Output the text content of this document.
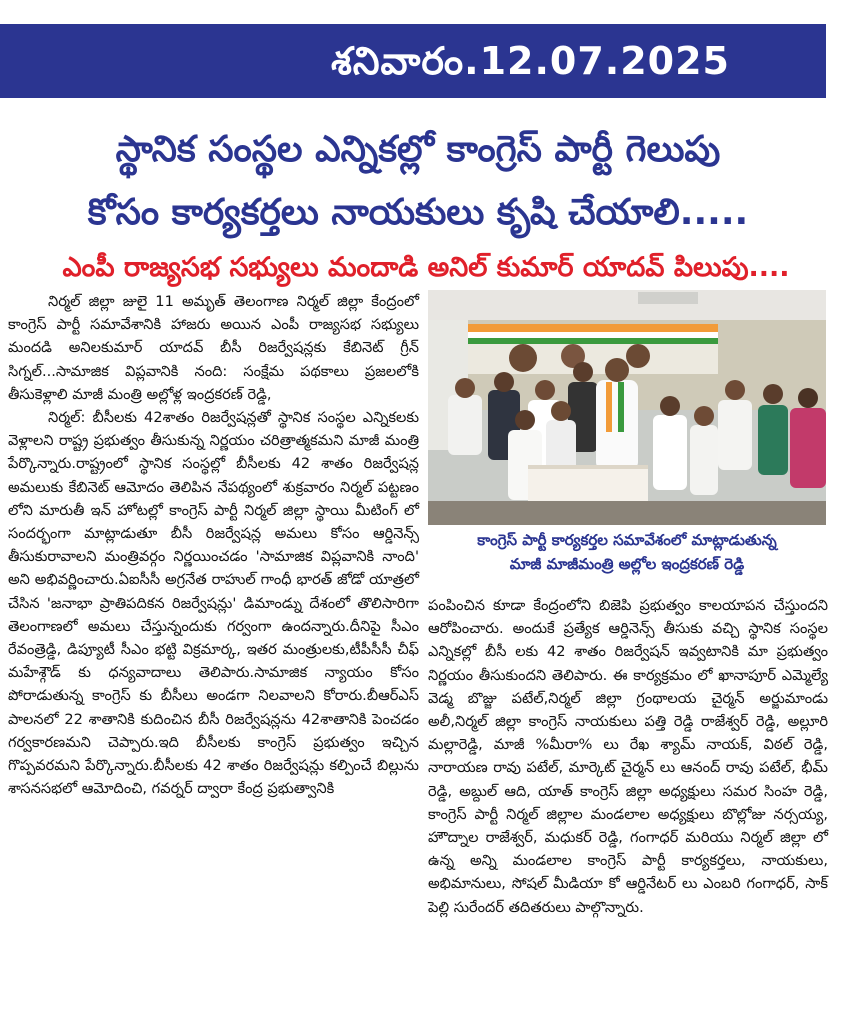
శనివారం.12.07.2025
స్థానిక సంస్థల ఎన్నికల్లో కాంగ్రెస్ పార్టీ గెలుపు
కోసం కార్యకర్తలు నాయకులు కృషి చేయాలి.....
ఎంపీ రాజ్యసభ సభ్యులు మందాడి అనిల్ కుమార్ యాదవ్ పిలుపు....

నిర్మల్ జిల్లా జులై 11 అమృత్ తెలంగాణ నిర్మల్ జిల్లా కేంద్రంలో కాంగ్రెస్ పార్టీ సమావేశానికి హాజరు అయిన ఎంపీ రాజ్యసభ సభ్యులు మందడి అనిలకుమార్ యాదవ్ బీసీ రిజర్వేషన్లకు కేబినెట్ గ్రీన్ సిగ్నల్...సామాజిక విప్లవానికి నంది: సంక్షేమ పథకాలు ప్రజలలోకి తీసుకెళ్లాలి మాజీ మంత్రి అల్లోళ్ల ఇంద్రకరణ్ రెడ్డి,

నిర్మల్: బీసీలకు 42శాతం రిజర్వేషన్లతో స్థానిక సంస్థల ఎన్నికలకు వెళ్లాలని రాష్ట్ర ప్రభుత్వం తీసుకున్న నిర్ణయం చరిత్రాత్మకమని మాజీ మంత్రి పేర్కొన్నారు.రాష్ట్రంలో స్థానిక సంస్థల్లో బీసీలకు 42 శాతం రిజర్వేషన్ల అమలుకు కేబినెట్ ఆమోదం తెలిపిన నేపథ్యంలో శుక్రవారం నిర్మల్ పట్టణం లోని మారుతీ ఇన్ హోటల్లో కాంగ్రెస్ పార్టీ నిర్మల్ జిల్లా స్థాయి మీటింగ్ లో సందర్భంగా మాట్లాడుతూ బీసీ రిజర్వేషన్ల అమలు కోసం ఆర్డినెన్స్ తీసుకురావాలని మంత్రివర్గం నిర్ణయించడం 'సామాజిక విప్లవానికి నాంది' అని అభివర్ణించారు.ఏఐసీసీ అగ్రనేత రాహుల్ గాంధీ భారత్ జోడో యాత్రలో చేసిన 'జనాభా ప్రాతిపదికన రిజర్వేషన్లు' డిమాండ్ను దేశంలో తొలిసారిగా తెలంగాణలో అమలు చేస్తున్నందుకు గర్వంగా ఉందన్నారు.దీనిపై సీఎం రేవంత్రెడ్డి, డిప్యూటీ సీఎం భట్టి విక్రమార్క, ఇతర మంత్రులకు,టీపీసీసీ చీఫ్ మహేశ్గౌడ్ కు ధన్యవాదాలు తెలిపారు.సామాజిక న్యాయం కోసం పోరాడుతున్న కాంగ్రెస్ కు బీసీలు అండగా నిలవాలని కోరారు.బీఆర్ఎస్ పాలనలో 22 శాతానికి కుదించిన బీసీ రిజర్వేషన్లను 42శాతానికి పెంచడం గర్వకారణమని చెప్పారు.ఇది బీసీలకు కాంగ్రెస్ ప్రభుత్వం ఇచ్చిన గొప్పవరమని పేర్కొన్నారు.బీసీలకు 42 శాతం రిజర్వేషన్లు కల్పించే బిల్లును శాసనసభలో ఆమోదించి, గవర్నర్ ద్వారా కేంద్ర ప్రభుత్వానికి

కాంగ్రెస్ పార్టీ కార్యకర్తల సమావేశంలో మాట్లాడుతున్న
మాజీ మాజీమంత్రి అల్లోల ఇంద్రకరణ్ రెడ్డి

పంపించిన కూడా కేంద్రంలోని బిజెపి ప్రభుత్వం కాలయాపన చేస్తుందని ఆరోపించారు. అందుకే ప్రత్యేక ఆర్డినెన్స్ తీసుకు వచ్చి స్థానిక సంస్థల ఎన్నికల్లో బీసీ లకు 42 శాతం రిజర్వేషన్ ఇవ్వటానికి మా ప్రభుత్వం నిర్ణయం తీసుకుందని తెలిపారు. ఈ కార్యక్రమం లో ఖానాపూర్ ఎమ్మెల్యే వెడ్మ బొజ్జు పటేల్,నిర్మల్ జిల్లా గ్రంథాలయ చైర్మన్ అర్జుమాండు అలీ,నిర్మల్ జిల్లా కాంగ్రెస్ నాయకులు పత్తి రెడ్డి రాజేశ్వర్ రెడ్డి, అల్లూరి మల్లారెడ్డి, మాజీ %మీరా% లు రేఖ శ్యామ్ నాయక్, విఠల్ రెడ్డి, నారాయణ రావు పటేల్, మార్కెట్ చైర్మన్ లు ఆనంద్ రావు పటేల్, భీమ్ రెడ్డి, అబ్దుల్ ఆది, యాత్ కాంగ్రెస్ జిల్లా అధ్యక్షులు సమర సింహ రెడ్డి, కాంగ్రెస్ పార్టీ నిర్మల్ జిల్లాల మండలాల అధ్యక్షులు బొల్లోజు నర్సయ్య, హౌద్నాల రాజేశ్వర్, మధుకర్ రెడ్డి, గంగాధర్ మరియు నిర్మల్ జిల్లా లో ఉన్న అన్ని మండలాల కాంగ్రెస్ పార్టీ కార్యకర్తలు, నాయకులు, అభిమానులు, సోషల్ మీడియా కో ఆర్డినేటర్ లు ఎంబరి గంగాధర్, సాక్ పెల్లి సురేందర్ తదితరులు పాల్గొన్నారు.
